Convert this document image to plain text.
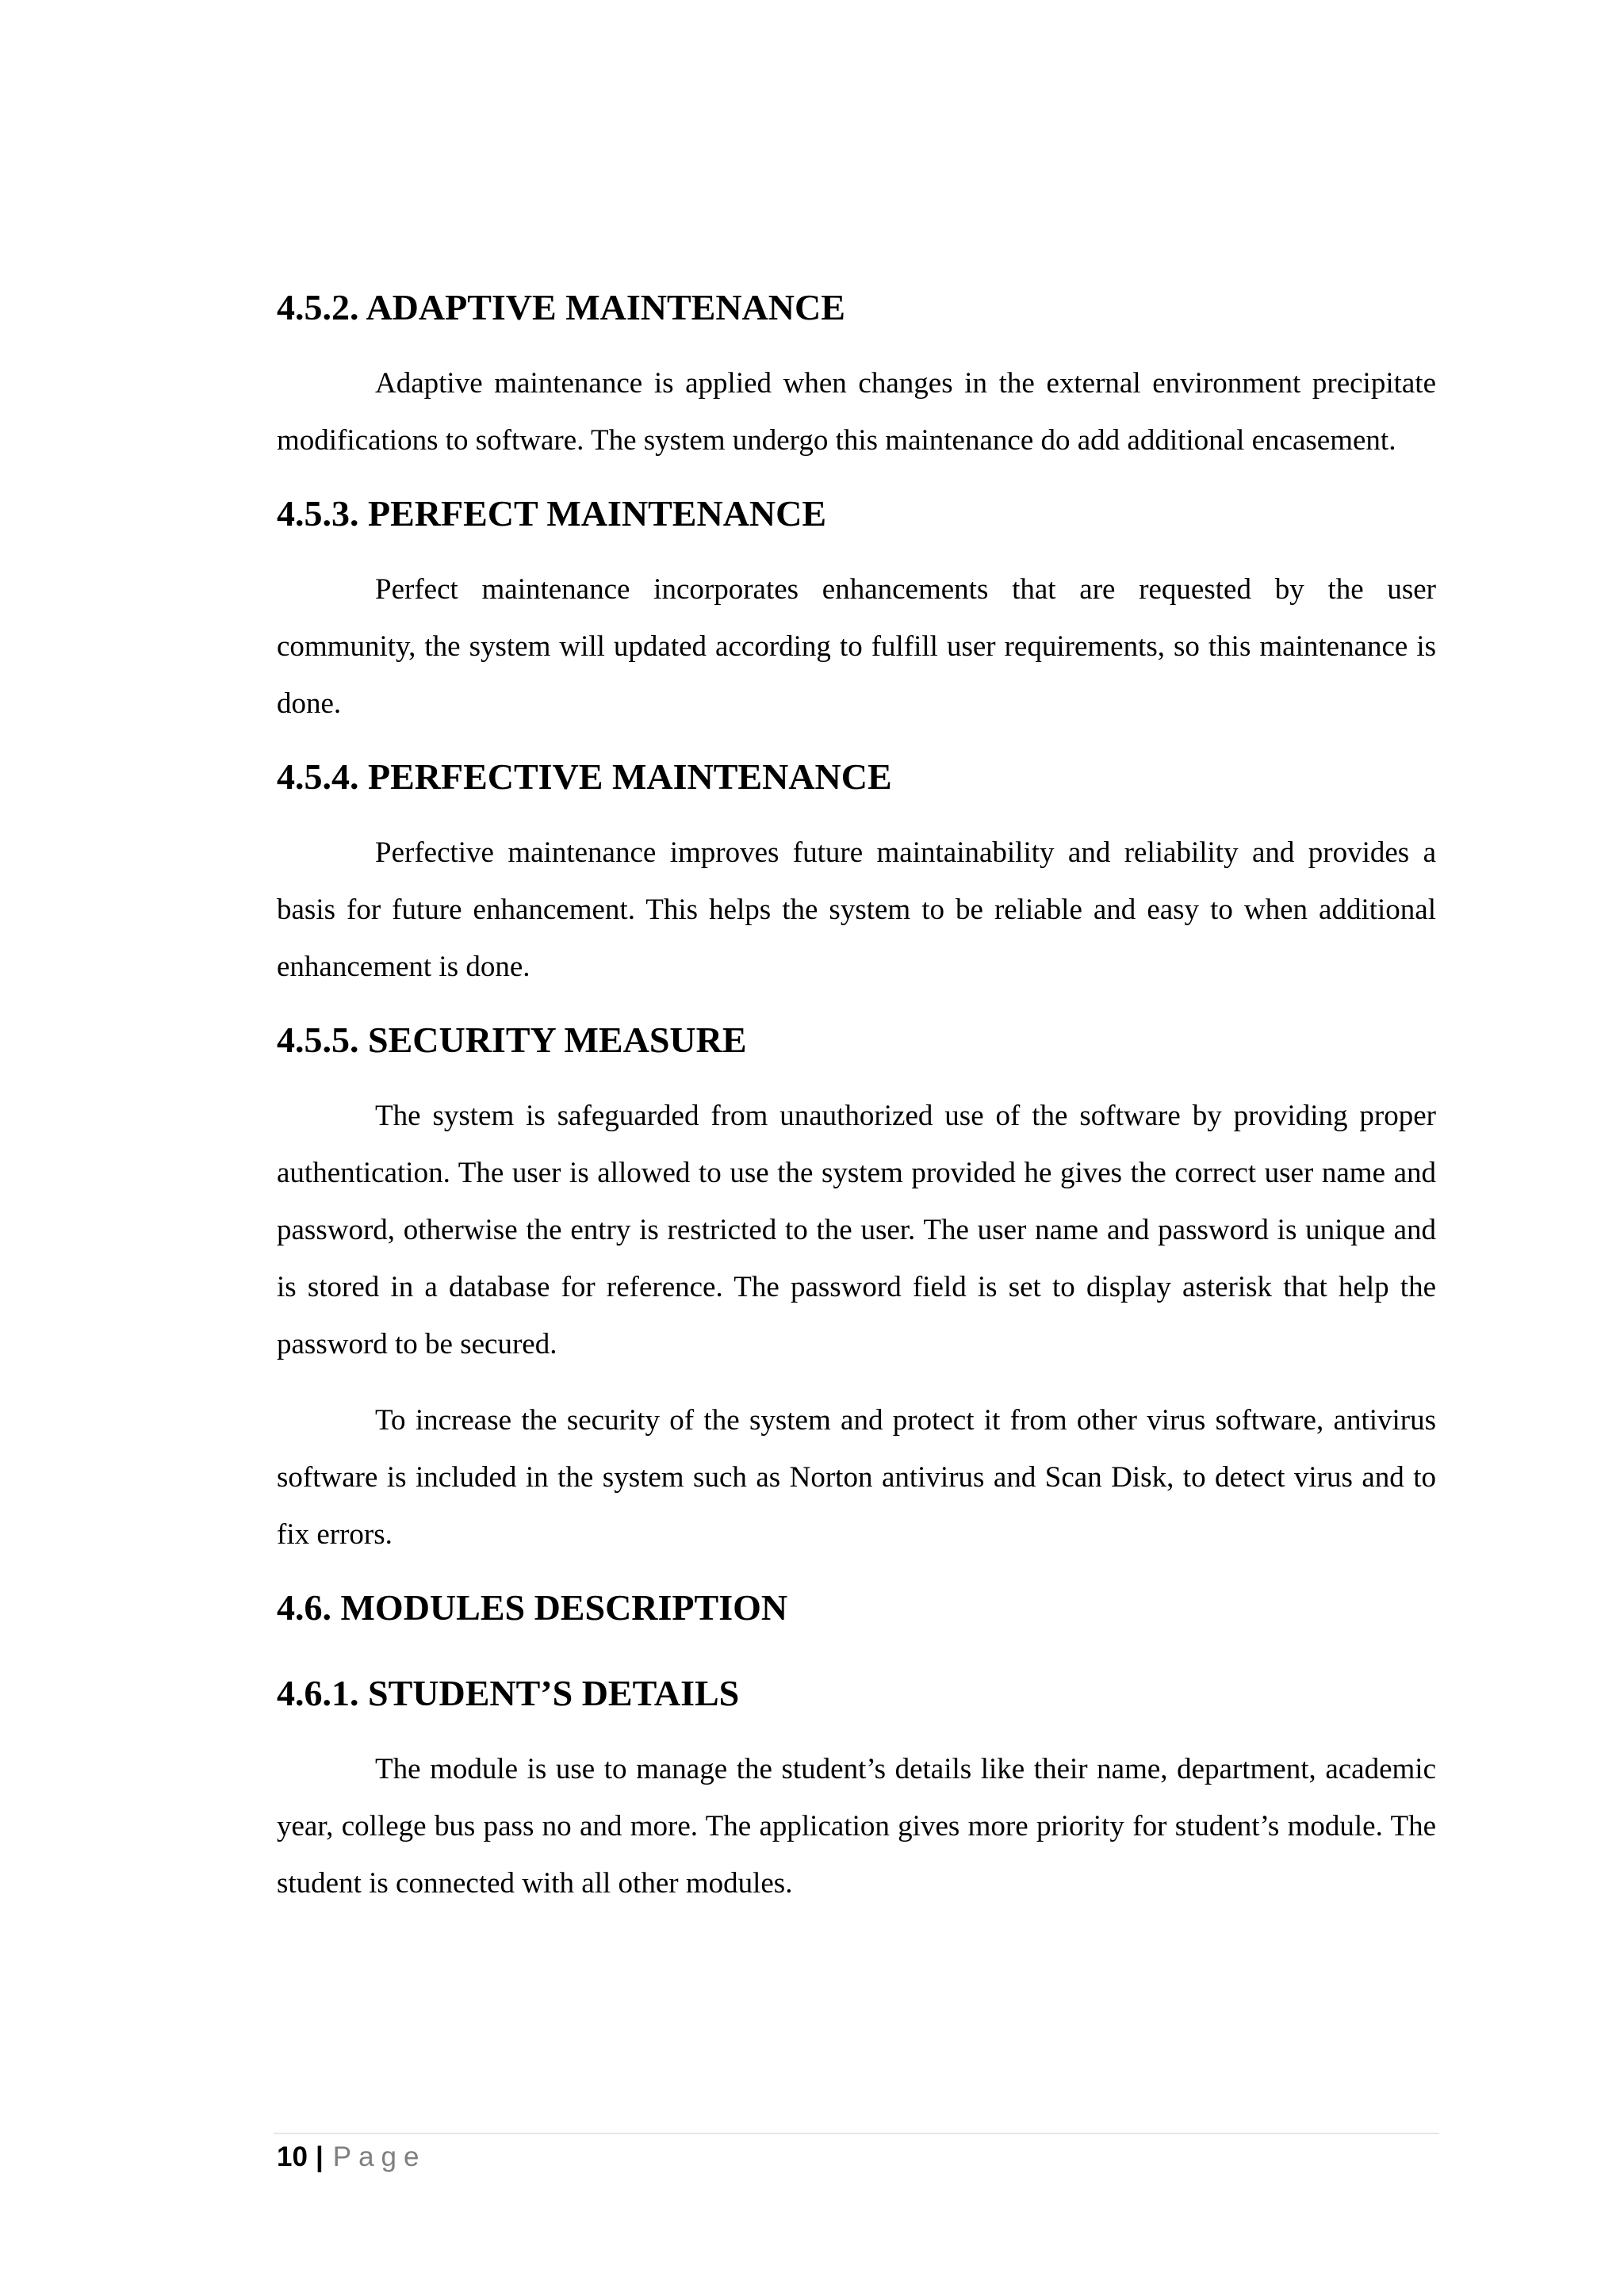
4.5.2. ADAPTIVE MAINTENANCE

Adaptive maintenance is applied when changes in the external environment precipitate modifications to software. The system undergo this maintenance do add additional encasement.

4.5.3. PERFECT MAINTENANCE

Perfect maintenance incorporates enhancements that are requested by the user community, the system will updated according to fulfill user requirements, so this maintenance is done.

4.5.4. PERFECTIVE MAINTENANCE

Perfective maintenance improves future maintainability and reliability and provides a basis for future enhancement. This helps the system to be reliable and easy to when additional enhancement is done.

4.5.5. SECURITY MEASURE

The system is safeguarded from unauthorized use of the software by providing proper authentication. The user is allowed to use the system provided he gives the correct user name and password, otherwise the entry is restricted to the user. The user name and password is unique and is stored in a database for reference. The password field is set to display asterisk that help the password to be secured.

To increase the security of the system and protect it from other virus software, antivirus software is included in the system such as Norton antivirus and Scan Disk, to detect virus and to fix errors.

4.6. MODULES DESCRIPTION
4.6.1. STUDENT’S DETAILS

The module is use to manage the student’s details like their name, department, academic year, college bus pass no and more. The application gives more priority for student’s module. The student is connected with all other modules.

10 | Page
